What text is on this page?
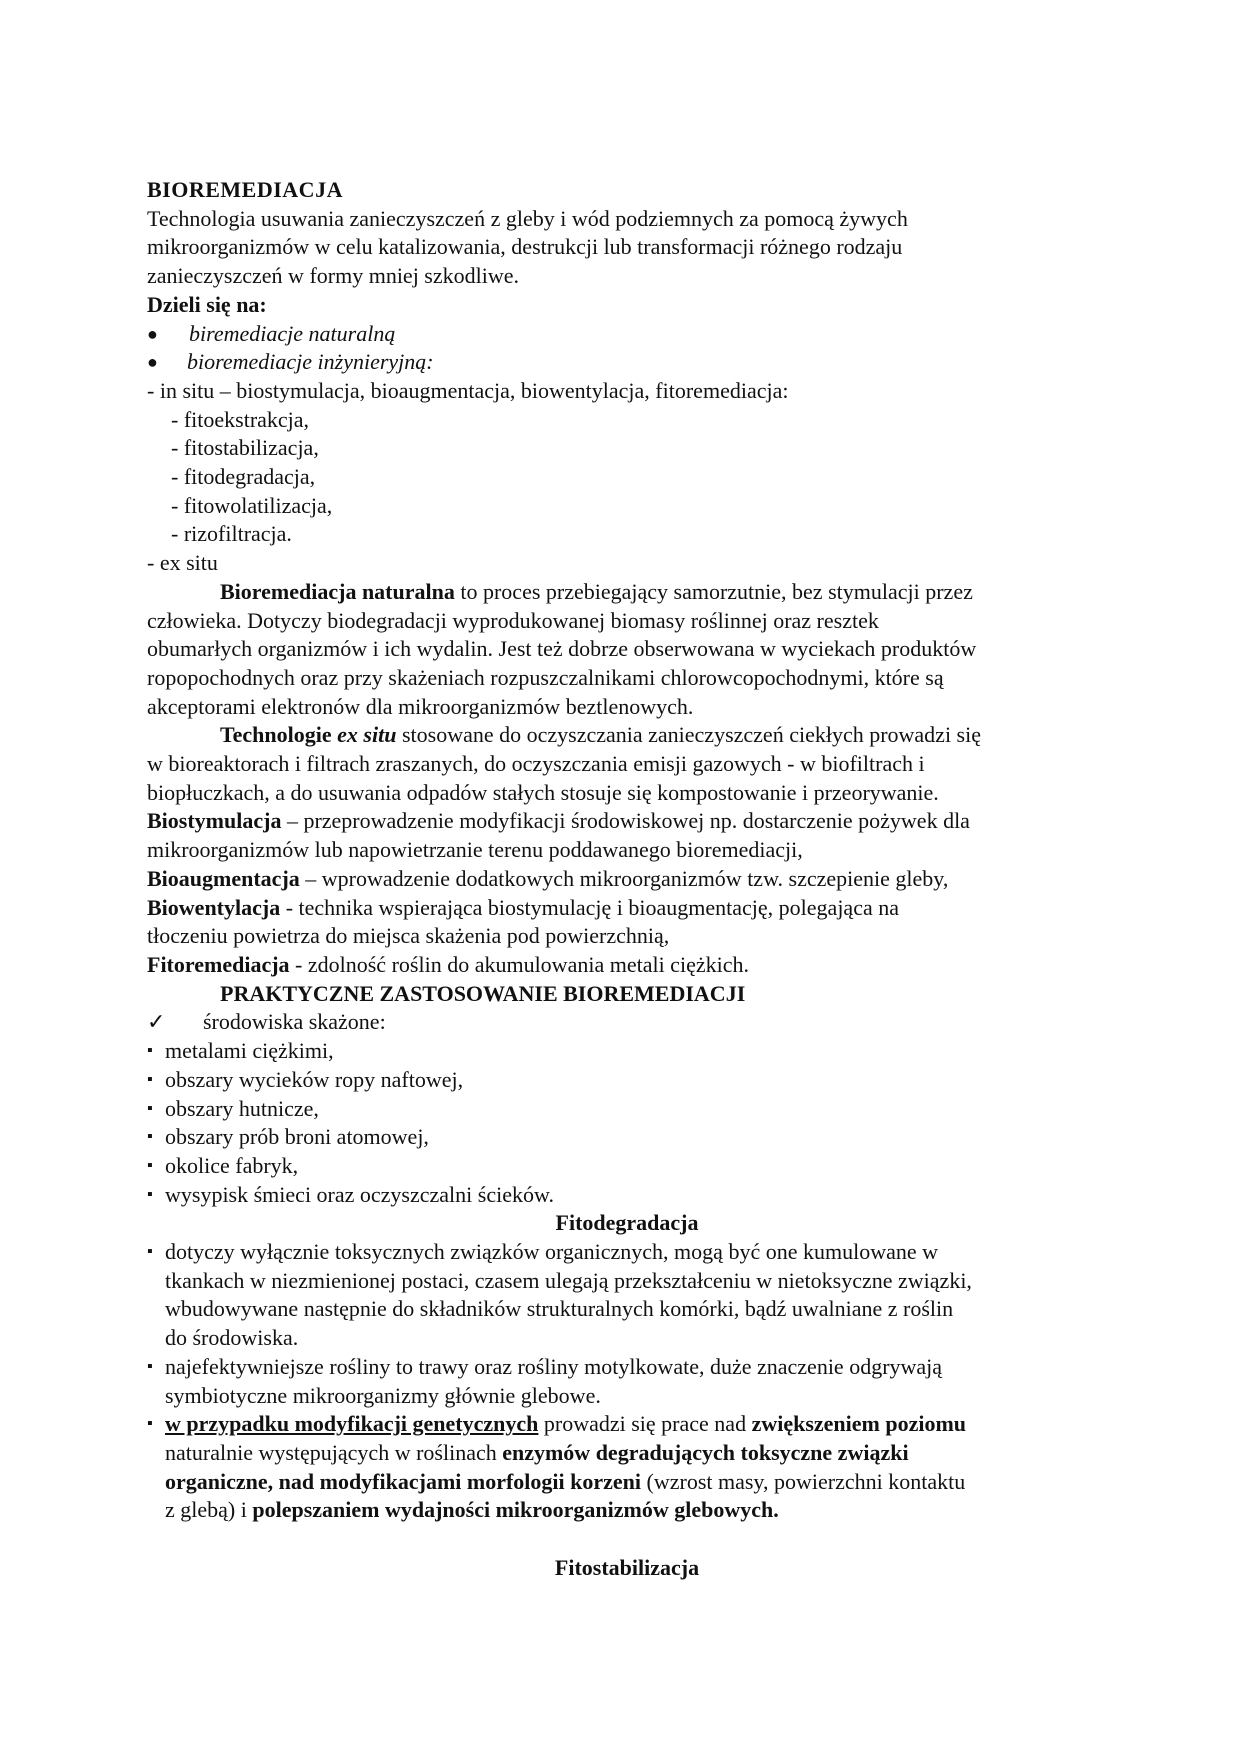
BIOREMEDIACJA
Technologia usuwania zanieczyszczeń z gleby i wód podziemnych za pomocą żywych
mikroorganizmów w celu katalizowania, destrukcji lub transformacji różnego rodzaju
zanieczyszczeń w formy mniej szkodliwe.
Dzieli się na:
● biremediacje naturalną
● bioremediacje inżynieryjną:
- in situ – biostymulacja, bioaugmentacja, biowentylacja, fitoremediacja:
- fitoekstrakcja,
- fitostabilizacja,
- fitodegradacja,
- fitowolatilizacja,
- rizofiltracja.
- ex situ
Bioremediacja naturalna to proces przebiegający samorzutnie, bez stymulacji przez
człowieka. Dotyczy biodegradacji wyprodukowanej biomasy roślinnej oraz resztek
obumarłych organizmów i ich wydalin. Jest też dobrze obserwowana w wyciekach produktów
ropopochodnych oraz przy skażeniach rozpuszczalnikami chlorowcopochodnymi, które są
akceptorami elektronów dla mikroorganizmów beztlenowych.
Technologie ex situ stosowane do oczyszczania zanieczyszczeń ciekłych prowadzi się
w bioreaktorach i filtrach zraszanych, do oczyszczania emisji gazowych - w biofiltrach i
biopłuczkach, a do usuwania odpadów stałych stosuje się kompostowanie i przeorywanie.
Biostymulacja – przeprowadzenie modyfikacji środowiskowej np. dostarczenie pożywek dla
mikroorganizmów lub napowietrzanie terenu poddawanego bioremediacji,
Bioaugmentacja – wprowadzenie dodatkowych mikroorganizmów tzw. szczepienie gleby,
Biowentylacja - technika wspierająca biostymulację i bioaugmentację, polegająca na
tłoczeniu powietrza do miejsca skażenia pod powierzchnią,
Fitoremediacja - zdolność roślin do akumulowania metali ciężkich.
PRAKTYCZNE ZASTOSOWANIE BIOREMEDIACJI
✓ środowiska skażone:
▪ metalami ciężkimi,
▪ obszary wycieków ropy naftowej,
▪ obszary hutnicze,
▪ obszary prób broni atomowej,
▪ okolice fabryk,
▪ wysypisk śmieci oraz oczyszczalni ścieków.
Fitodegradacja
▪ dotyczy wyłącznie toksycznych związków organicznych, mogą być one kumulowane w
tkankach w niezmienionej postaci, czasem ulegają przekształceniu w nietoksyczne związki,
wbudowywane następnie do składników strukturalnych komórki, bądź uwalniane z roślin
do środowiska.
▪ najefektywniejsze rośliny to trawy oraz rośliny motylkowate, duże znaczenie odgrywają
symbiotyczne mikroorganizmy głównie glebowe.
▪ w przypadku modyfikacji genetycznych prowadzi się prace nad zwiększeniem poziomu
naturalnie występujących w roślinach enzymów degradujących toksyczne związki
organiczne, nad modyfikacjami morfologii korzeni (wzrost masy, powierzchni kontaktu
z glebą) i polepszaniem wydajności mikroorganizmów glebowych.
Fitostabilizacja
